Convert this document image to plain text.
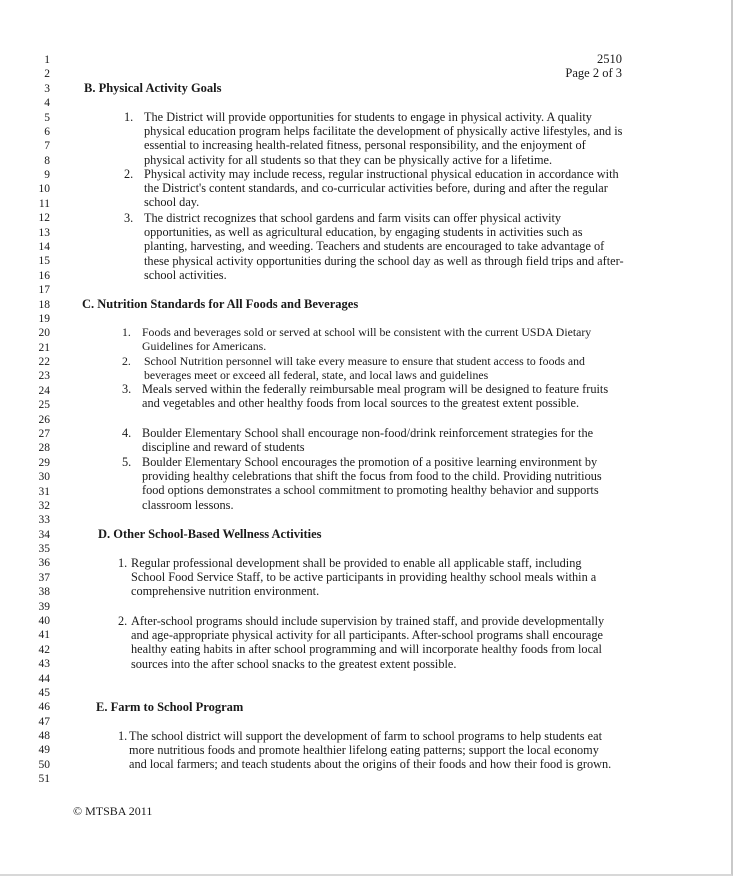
1
2
3
4
5
6
7
8
9
10
11
12
13
14
15
16
17
18
19
20
21
22
23
24
25
26
27
28
29
30
31
32
33
34
35
36
37
38
39
40
41
42
43
44
45
46
47
48
49
50
51
2510
Page 2 of 3
B. Physical Activity Goals
1. The District will provide opportunities for students to engage in physical activity. A quality physical education program helps facilitate the development of physically active lifestyles, and is essential to increasing health-related fitness, personal responsibility, and the enjoyment of physical activity for all students so that they can be physically active for a lifetime.
2. Physical activity may include recess, regular instructional physical education in accordance with the District's content standards, and co-curricular activities before, during and after the regular school day.
3. The district recognizes that school gardens and farm visits can offer physical activity opportunities, as well as agricultural education, by engaging students in activities such as planting, harvesting, and weeding. Teachers and students are encouraged to take advantage of these physical activity opportunities during the school day as well as through field trips and after-school activities.
C. Nutrition Standards for All Foods and Beverages
1. Foods and beverages sold or served at school will be consistent with the current USDA Dietary Guidelines for Americans.
2.	School Nutrition personnel will take every measure to ensure that student access to foods and beverages meet or exceed all federal, state, and local laws and guidelines
3. Meals served within the federally reimbursable meal program will be designed to feature fruits and vegetables and other healthy foods from local sources to the greatest extent possible.
4. Boulder Elementary School shall encourage non-food/drink reinforcement strategies for the discipline and reward of students
5. Boulder Elementary School encourages the promotion of a positive learning environment by providing healthy celebrations that shift the focus from food to the child. Providing nutritious food options demonstrates a school commitment to promoting healthy behavior and supports classroom lessons.
D. Other School-Based Wellness Activities
1. Regular professional development shall be provided to enable all applicable staff, including School Food Service Staff, to be active participants in providing healthy school meals within a comprehensive nutrition environment.
2. After-school programs should include supervision by trained staff, and provide developmentally and age-appropriate physical activity for all participants. After-school programs shall encourage healthy eating habits in after school programming and will incorporate healthy foods from local sources into the after school snacks to the greatest extent possible.
E. Farm to School Program
1. The school district will support the development of farm to school programs to help students eat more nutritious foods and promote healthier lifelong eating patterns; support the local economy and local farmers; and teach students about the origins of their foods and how their food is grown.
© MTSBA 2011
